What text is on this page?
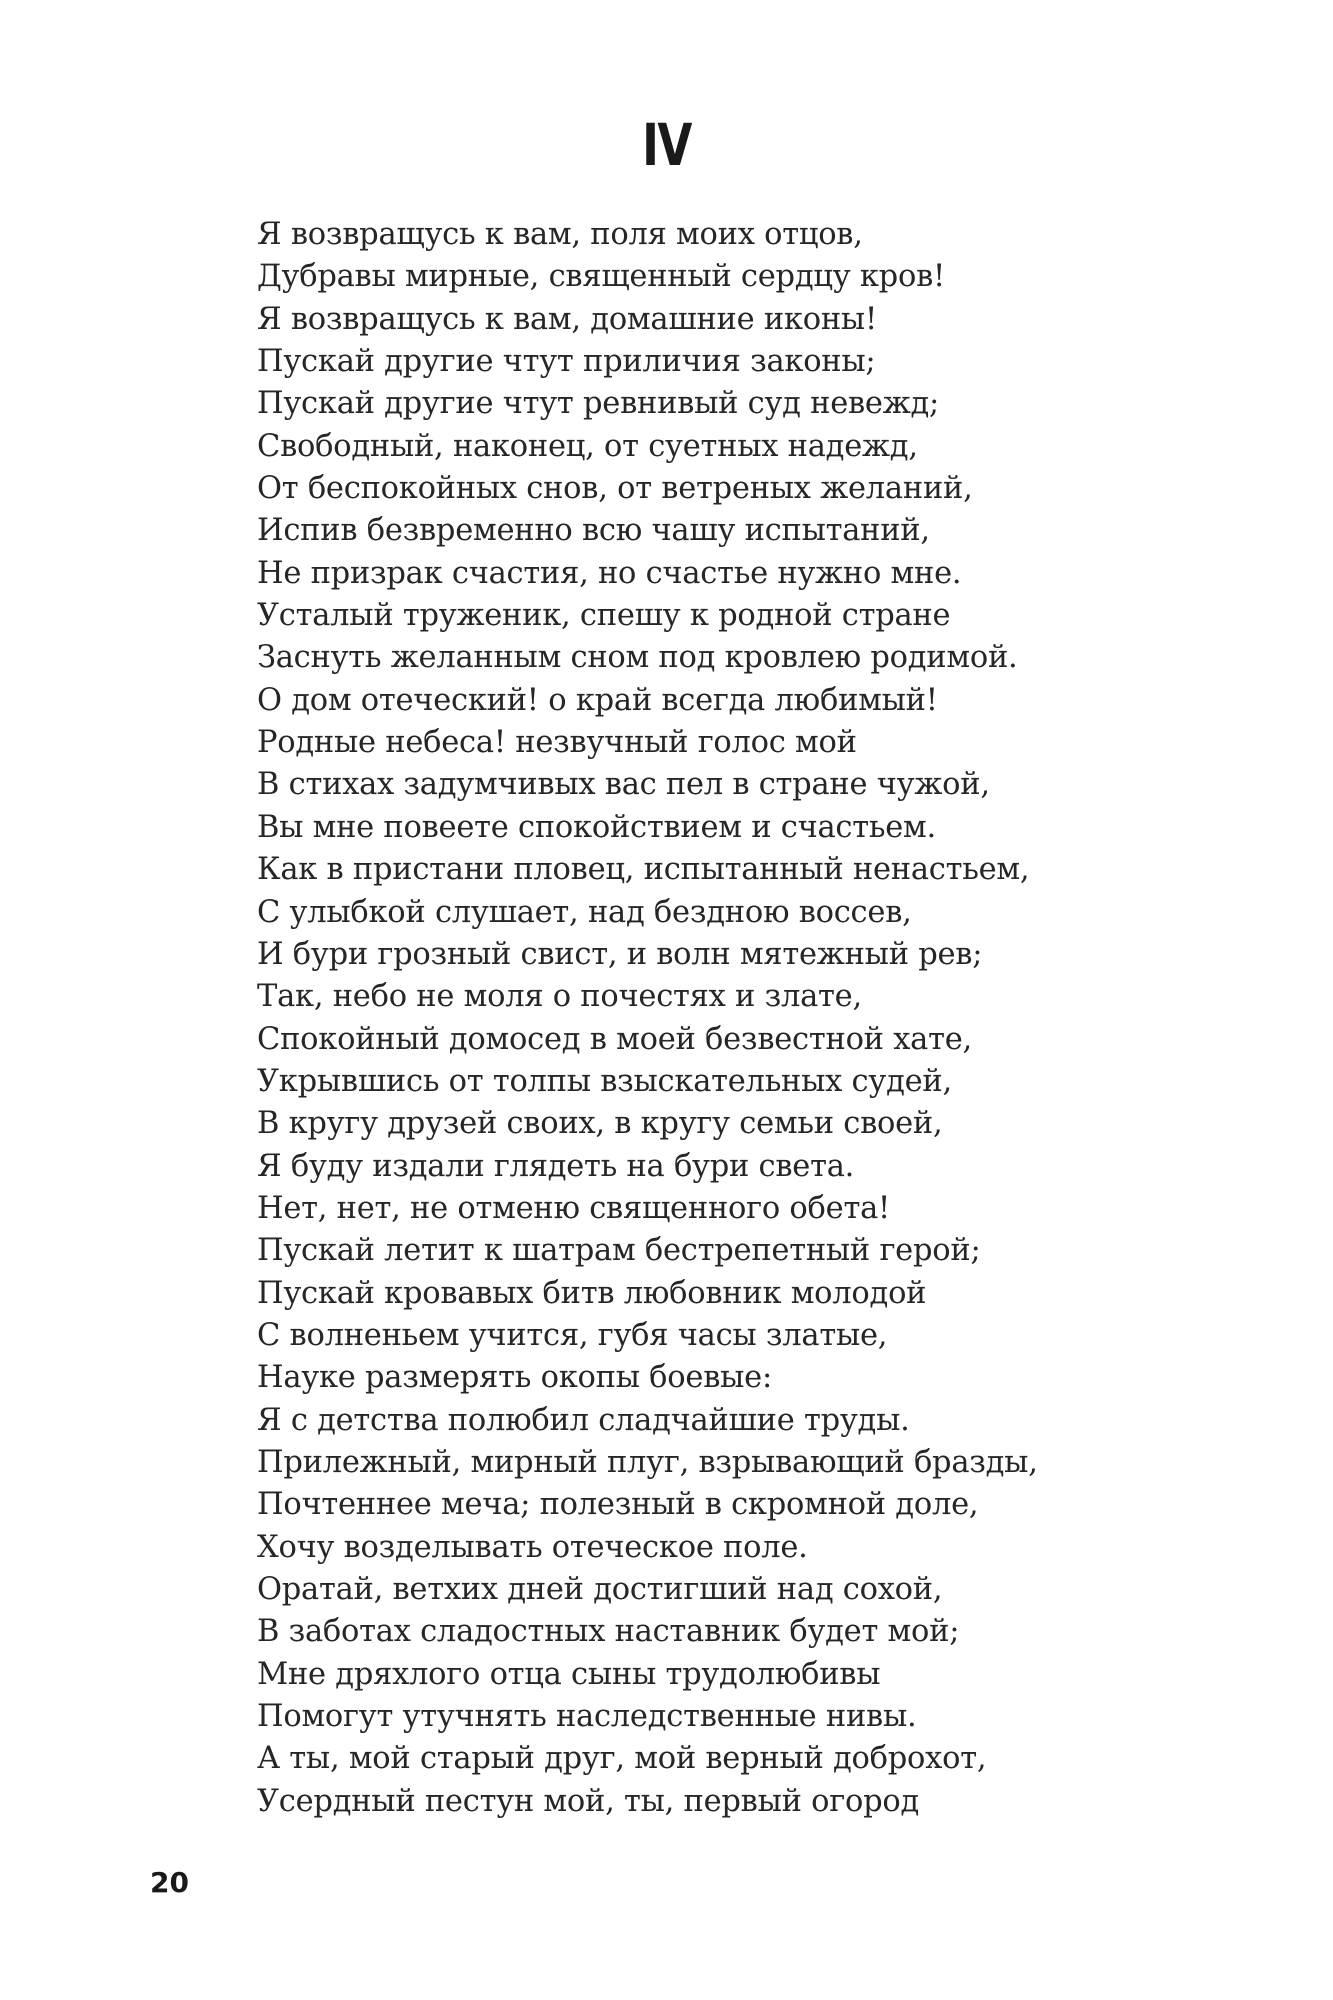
IV
Я возвращусь к вам, поля моих отцов,
Дубравы мирные, священный сердцу кров!
Я возвращусь к вам, домашние иконы!
Пускай другие чтут приличия законы;
Пускай другие чтут ревнивый суд невежд;
Свободный, наконец, от суетных надежд,
От беспокойных снов, от ветреных желаний,
Испив безвременно всю чашу испытаний,
Не призрак счастия, но счастье нужно мне.
Усталый труженик, спешу к родной стране
Заснуть желанным сном под кровлею родимой.
О дом отеческий! о край всегда любимый!
Родные небеса! незвучный голос мой
В стихах задумчивых вас пел в стране чужой,
Вы мне повеете спокойствием и счастьем.
Как в пристани пловец, испытанный ненастьем,
С улыбкой слушает, над бездною воссев,
И бури грозный свист, и волн мятежный рев;
Так, небо не моля о почестях и злате,
Спокойный домосед в моей безвестной хате,
Укрывшись от толпы взыскательных судей,
В кругу друзей своих, в кругу семьи своей,
Я буду издали глядеть на бури света.
Нет, нет, не отменю священного обета!
Пускай летит к шатрам бестрепетный герой;
Пускай кровавых битв любовник молодой
С волненьем учится, губя часы златые,
Науке размерять окопы боевые:
Я с детства полюбил сладчайшие труды.
Прилежный, мирный плуг, взрывающий бразды,
Почтеннее меча; полезный в скромной доле,
Хочу возделывать отеческое поле.
Оратай, ветхих дней достигший над сохой,
В заботах сладостных наставник будет мой;
Мне дряхлого отца сыны трудолюбивы
Помогут утучнять наследственные нивы.
А ты, мой старый друг, мой верный доброхот,
Усердный пестун мой, ты, первый огород
20
